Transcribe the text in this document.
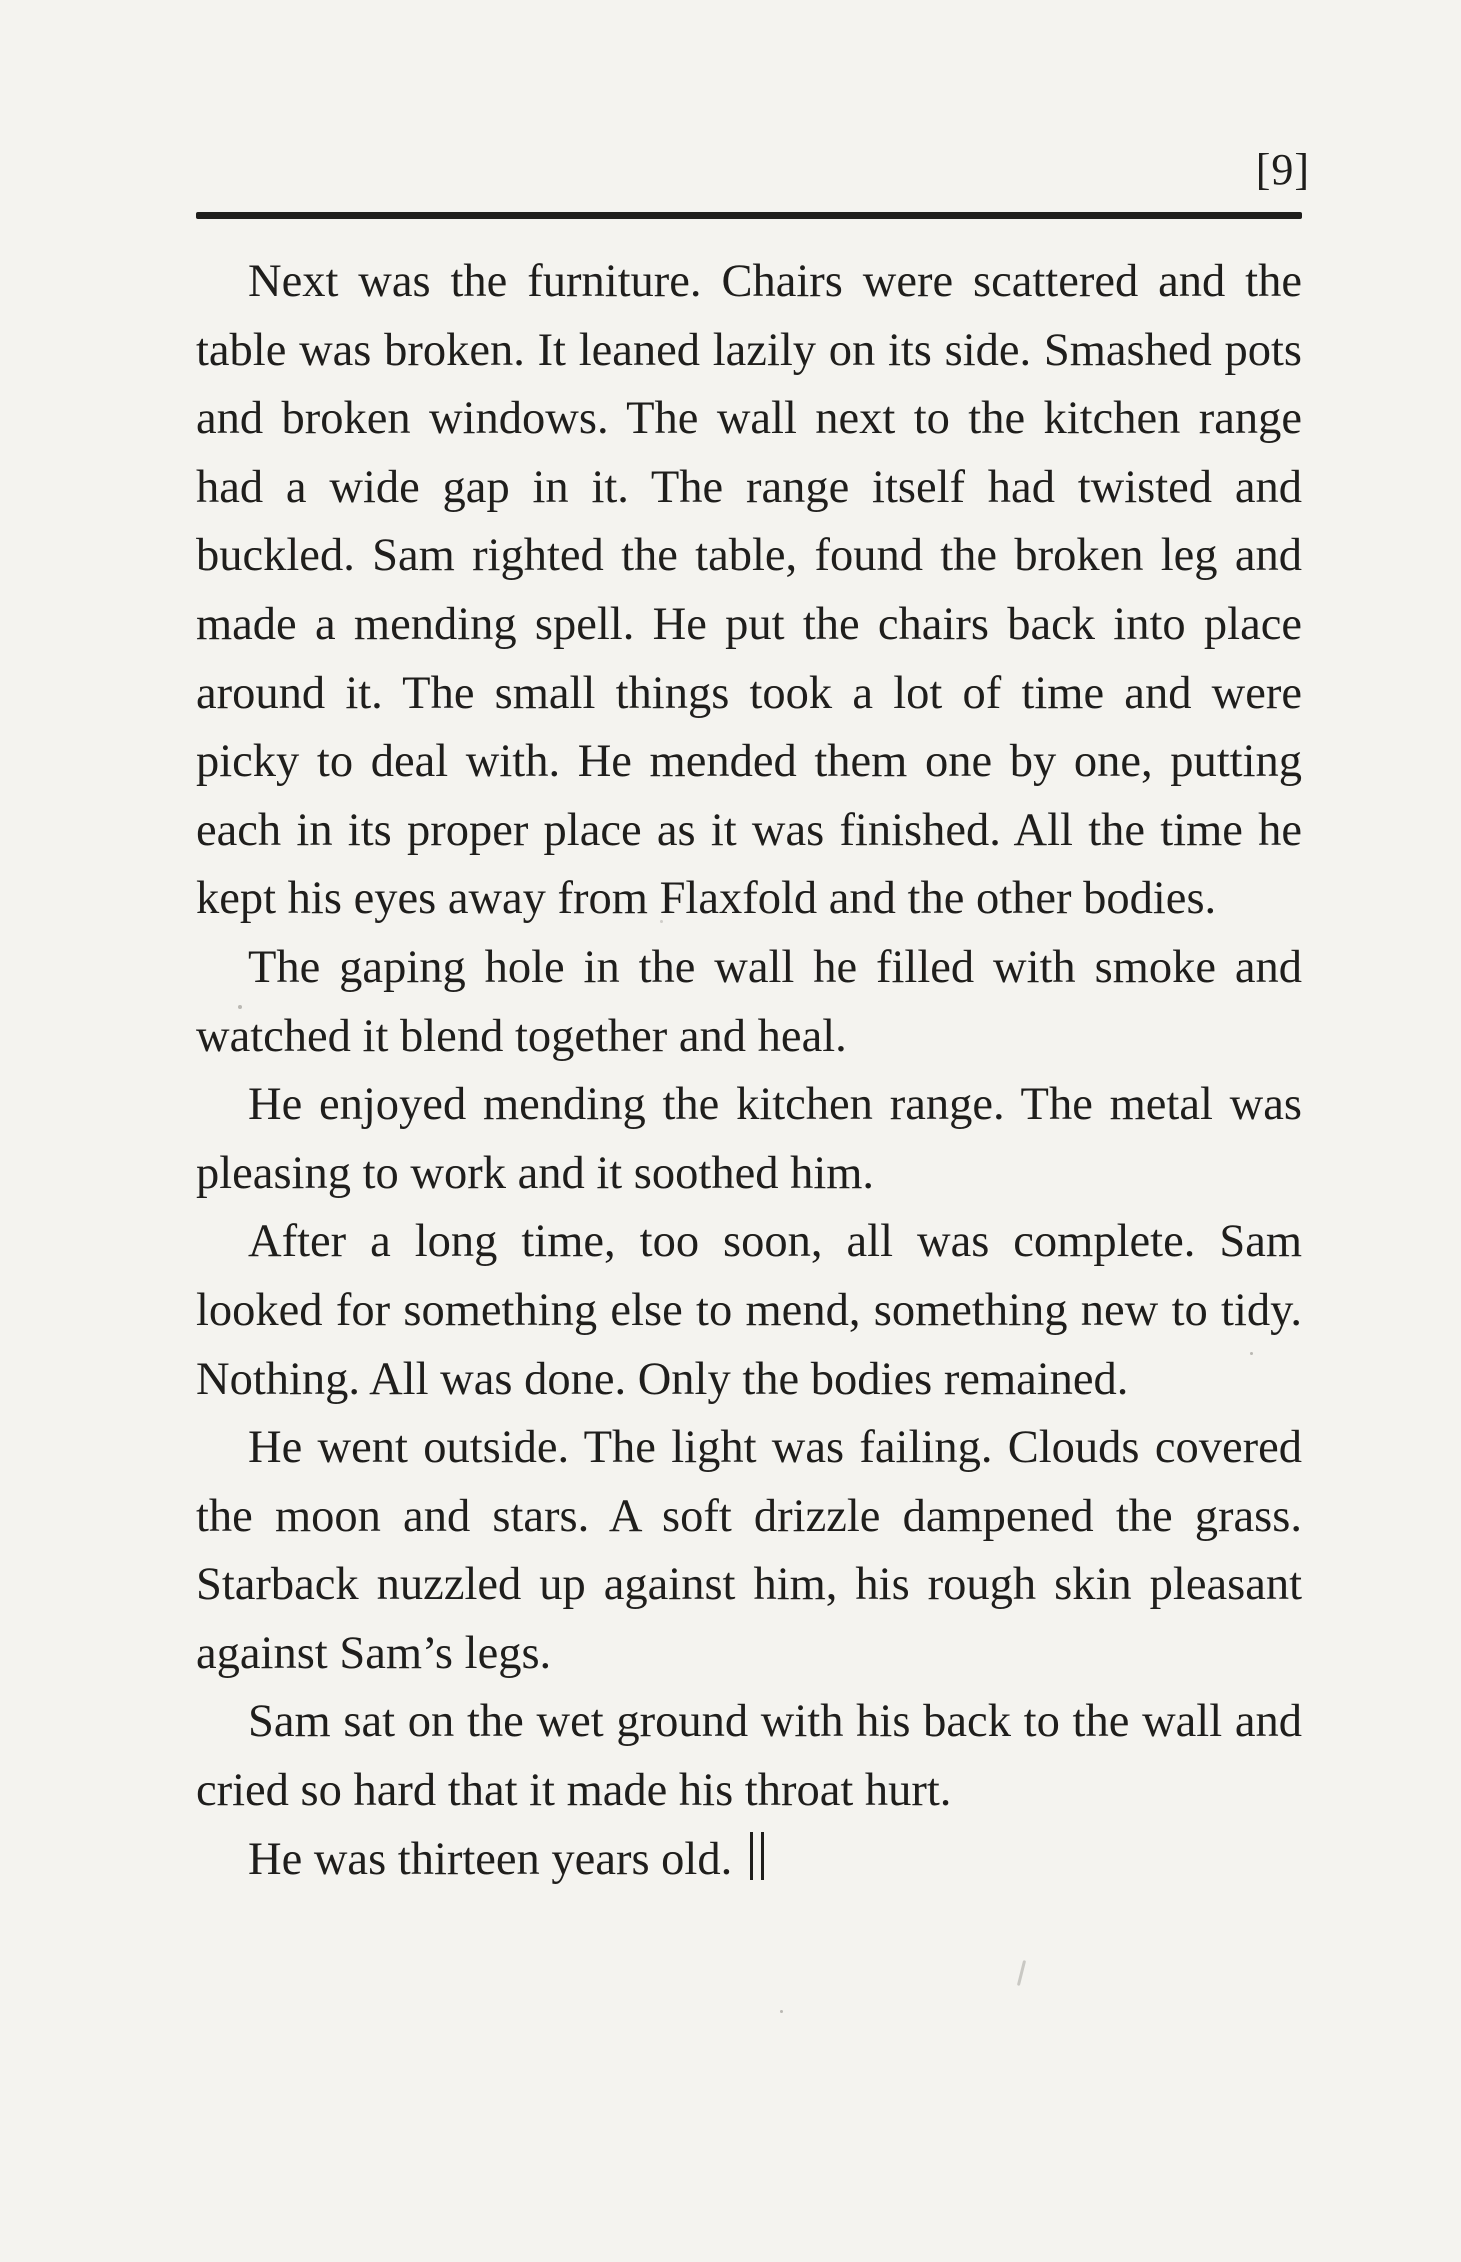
[9]

Next was the furniture. Chairs were scattered and the table was broken. It leaned lazily on its side. Smashed pots and broken windows. The wall next to the kitchen range had a wide gap in it. The range itself had twisted and buckled. Sam righted the table, found the broken leg and made a mending spell. He put the chairs back into place around it. The small things took a lot of time and were picky to deal with. He mended them one by one, putting each in its proper place as it was finished. All the time he kept his eyes away from Flaxfold and the other bodies.

The gaping hole in the wall he filled with smoke and watched it blend together and heal.

He enjoyed mending the kitchen range. The metal was pleasing to work and it soothed him.

After a long time, too soon, all was complete. Sam looked for something else to mend, something new to tidy. Nothing. All was done. Only the bodies remained.

He went outside. The light was failing. Clouds covered the moon and stars. A soft drizzle dampened the grass. Starback nuzzled up against him, his rough skin pleasant against Sam’s legs.

Sam sat on the wet ground with his back to the wall and cried so hard that it made his throat hurt.

He was thirteen years old.
